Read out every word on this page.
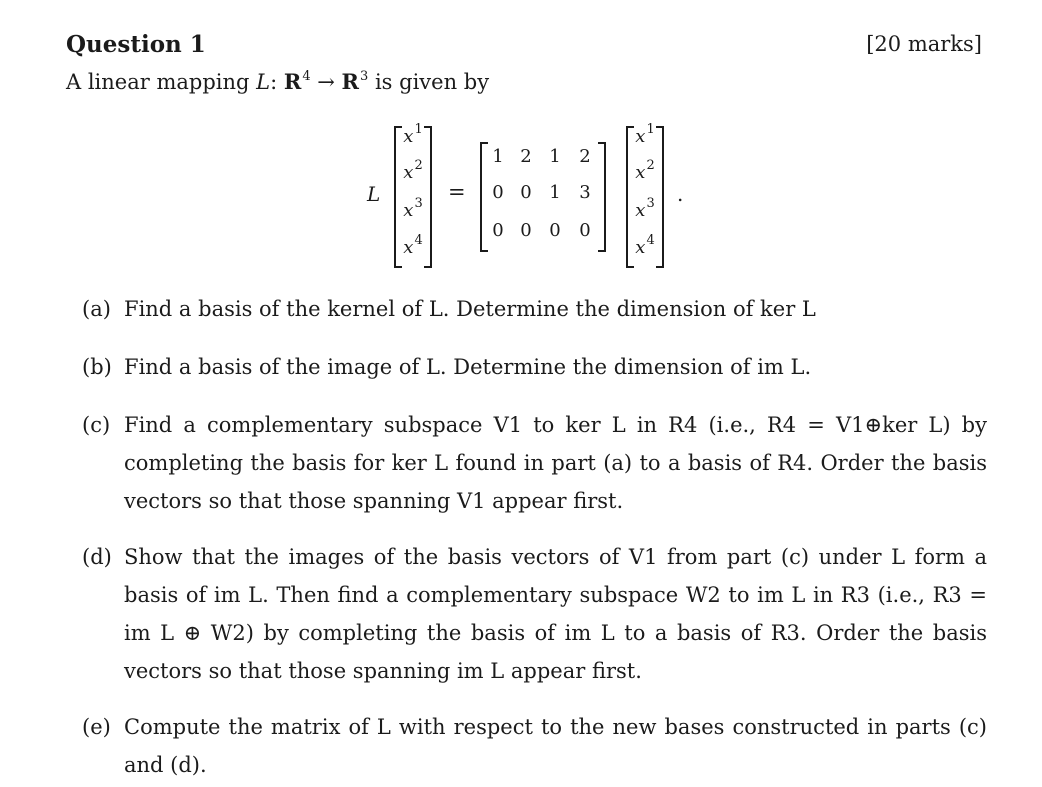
Question 1	[20 marks]
A linear mapping L: $R^4 \to R^3$ is given by
L
$x^1$
$x^2$
$x^3$
$x^4$
=
1 2 1 2
0 0 1 3
0 0 0 0
$x^1$
$x^2$
$x^3$
$x^4$
.
(a) Find a basis of the kernel of L. Determine the dimension of ker L
(b) Find a basis of the image of L. Determine the dimension of im L.
(c) Find a complementary subspace V1 to ker L in R4 (i.e., R4 = V1⊕ker L) by completing the basis for ker L found in part (a) to a basis of R4. Order the basis vectors so that those spanning V1 appear first.
(d) Show that the images of the basis vectors of V1 from part (c) under L form a basis of im L. Then find a complementary subspace W2 to im L in R3 (i.e., R3 = im L ⊕ W2) by completing the basis of im L to a basis of R3. Order the basis vectors so that those spanning im L appear first.
(e) Compute the matrix of L with respect to the new bases constructed in parts (c) and (d).
